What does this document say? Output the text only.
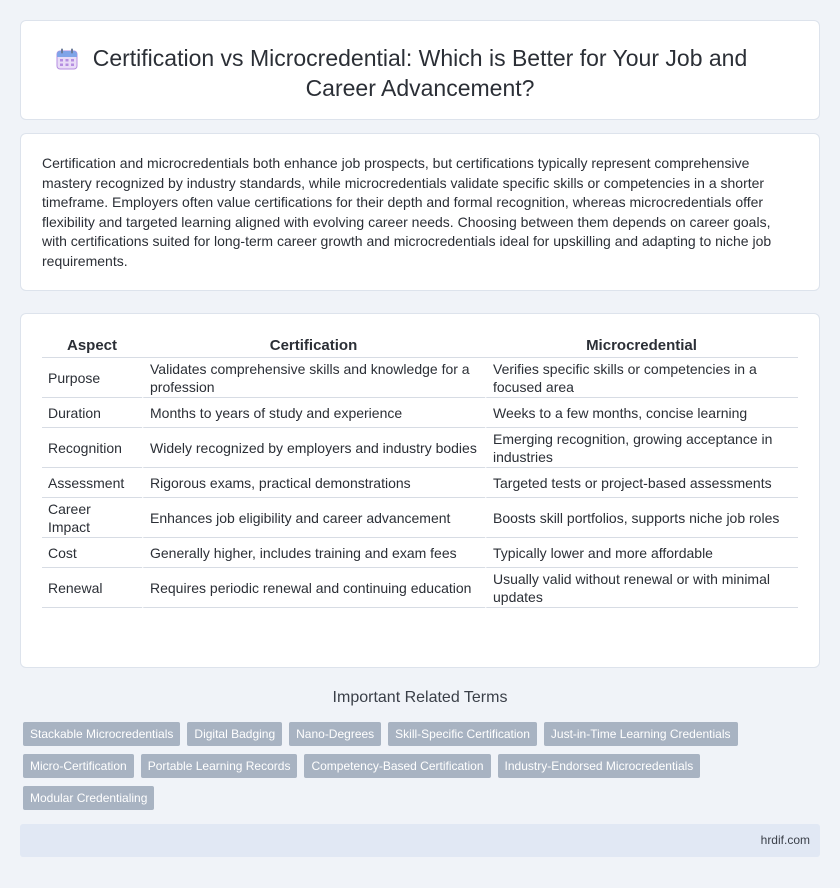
Certification vs Microcredential: Which is Better for Your Job and Career Advancement?

Certification and microcredentials both enhance job prospects, but certifications typically represent comprehensive mastery recognized by industry standards, while microcredentials validate specific skills or competencies in a shorter timeframe. Employers often value certifications for their depth and formal recognition, whereas microcredentials offer flexibility and targeted learning aligned with evolving career needs. Choosing between them depends on career goals, with certifications suited for long-term career growth and microcredentials ideal for upskilling and adapting to niche job requirements.

Aspect	Certification	Microcredential
Purpose	Validates comprehensive skills and knowledge for a profession	Verifies specific skills or competencies in a focused area
Duration	Months to years of study and experience	Weeks to a few months, concise learning
Recognition	Widely recognized by employers and industry bodies	Emerging recognition, growing acceptance in industries
Assessment	Rigorous exams, practical demonstrations	Targeted tests or project-based assessments
Career Impact	Enhances job eligibility and career advancement	Boosts skill portfolios, supports niche job roles
Cost	Generally higher, includes training and exam fees	Typically lower and more affordable
Renewal	Requires periodic renewal and continuing education	Usually valid without renewal or with minimal updates
Important Related Terms
Stackable Microcredentials	Digital Badging	Nano-Degrees	Skill-Specific Certification	Just-in-Time Learning Credentials
Micro-Certification	Portable Learning Records	Competency-Based Certification	Industry-Endorsed Microcredentials
Modular Credentialing
hrdif.com
